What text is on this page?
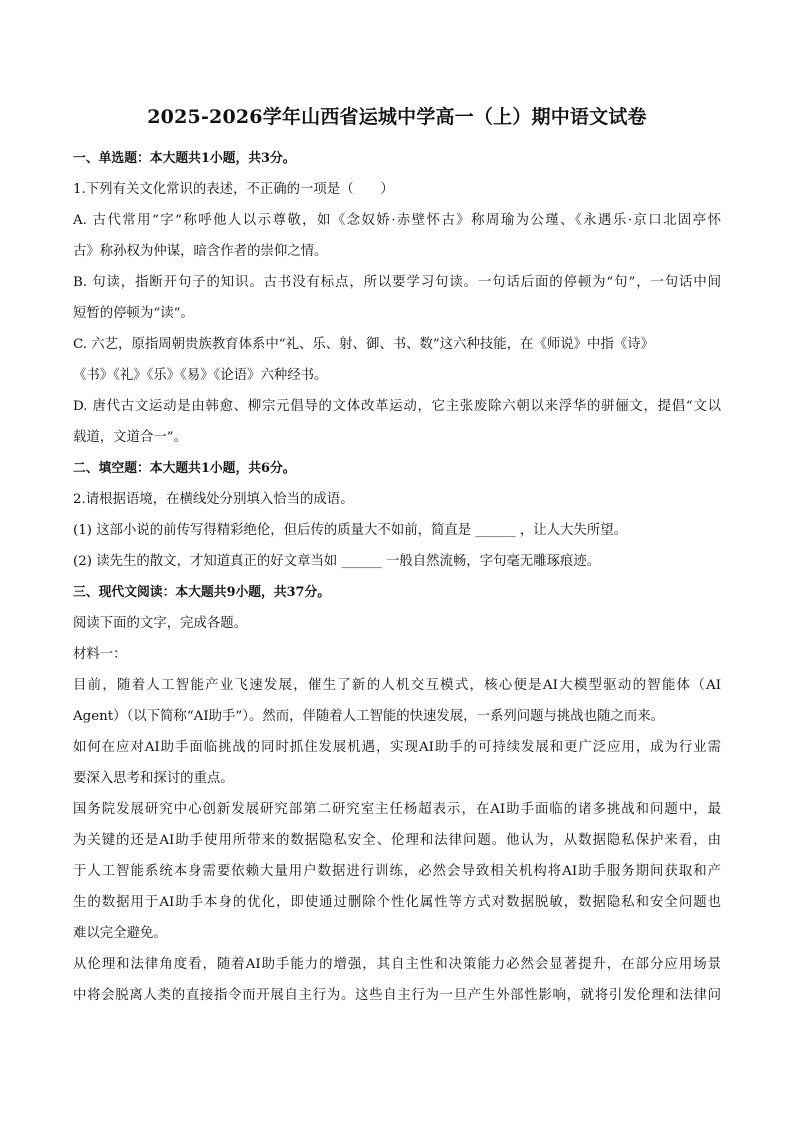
2025-2026学年山西省运城中学高一（上）期中语文试卷
一、单选题：本大题共1小题，共3分。
1.下列有关文化常识的表述，不正确的一项是（　　）
A. 古代常用“字”称呼他人以示尊敬，如《念奴娇·赤壁怀古》称周瑜为公瑾、《永遇乐·京口北固亭怀
古》称孙权为仲谋，暗含作者的崇仰之情。
B. 句读，指断开句子的知识。古书没有标点，所以要学习句读。一句话后面的停顿为“句”，一句话中间
短暂的停顿为“读”。
C. 六艺，原指周朝贵族教育体系中“礼、乐、射、御、书、数”这六种技能，在《师说》中指《诗》
《书》《礼》《乐》《易》《论语》六种经书。
D. 唐代古文运动是由韩愈、柳宗元倡导的文体改革运动，它主张废除六朝以来浮华的骈俪文，提倡“文以
载道，文道合一”。
二、填空题：本大题共1小题，共6分。
2.请根据语境，在横线处分别填入恰当的成语。
(1) 这部小说的前传写得精彩绝伦，但后传的质量大不如前，简直是 ______ ，让人大失所望。
(2) 读先生的散文，才知道真正的好文章当如 ______ 一般自然流畅，字句毫无雕琢痕迹。
三、现代文阅读：本大题共9小题，共37分。
阅读下面的文字，完成各题。
材料一：
目前，随着人工智能产业飞速发展，催生了新的人机交互模式，核心便是AI大模型驱动的智能体（AI
Agent）（以下简称“AI助手”）。然而，伴随着人工智能的快速发展，一系列问题与挑战也随之而来。
如何在应对AI助手面临挑战的同时抓住发展机遇，实现AI助手的可持续发展和更广泛应用，成为行业需
要深入思考和探讨的重点。
国务院发展研究中心创新发展研究部第二研究室主任杨超表示，在AI助手面临的诸多挑战和问题中，最
为关键的还是AI助手使用所带来的数据隐私安全、伦理和法律问题。他认为，从数据隐私保护来看，由
于人工智能系统本身需要依赖大量用户数据进行训练，必然会导致相关机构将AI助手服务期间获取和产
生的数据用于AI助手本身的优化，即使通过删除个性化属性等方式对数据脱敏，数据隐私和安全问题也
难以完全避免。
从伦理和法律角度看，随着AI助手能力的增强，其自主性和决策能力必然会显著提升，在部分应用场景
中将会脱离人类的直接指令而开展自主行为。这些自主行为一旦产生外部性影响，就将引发伦理和法律问
